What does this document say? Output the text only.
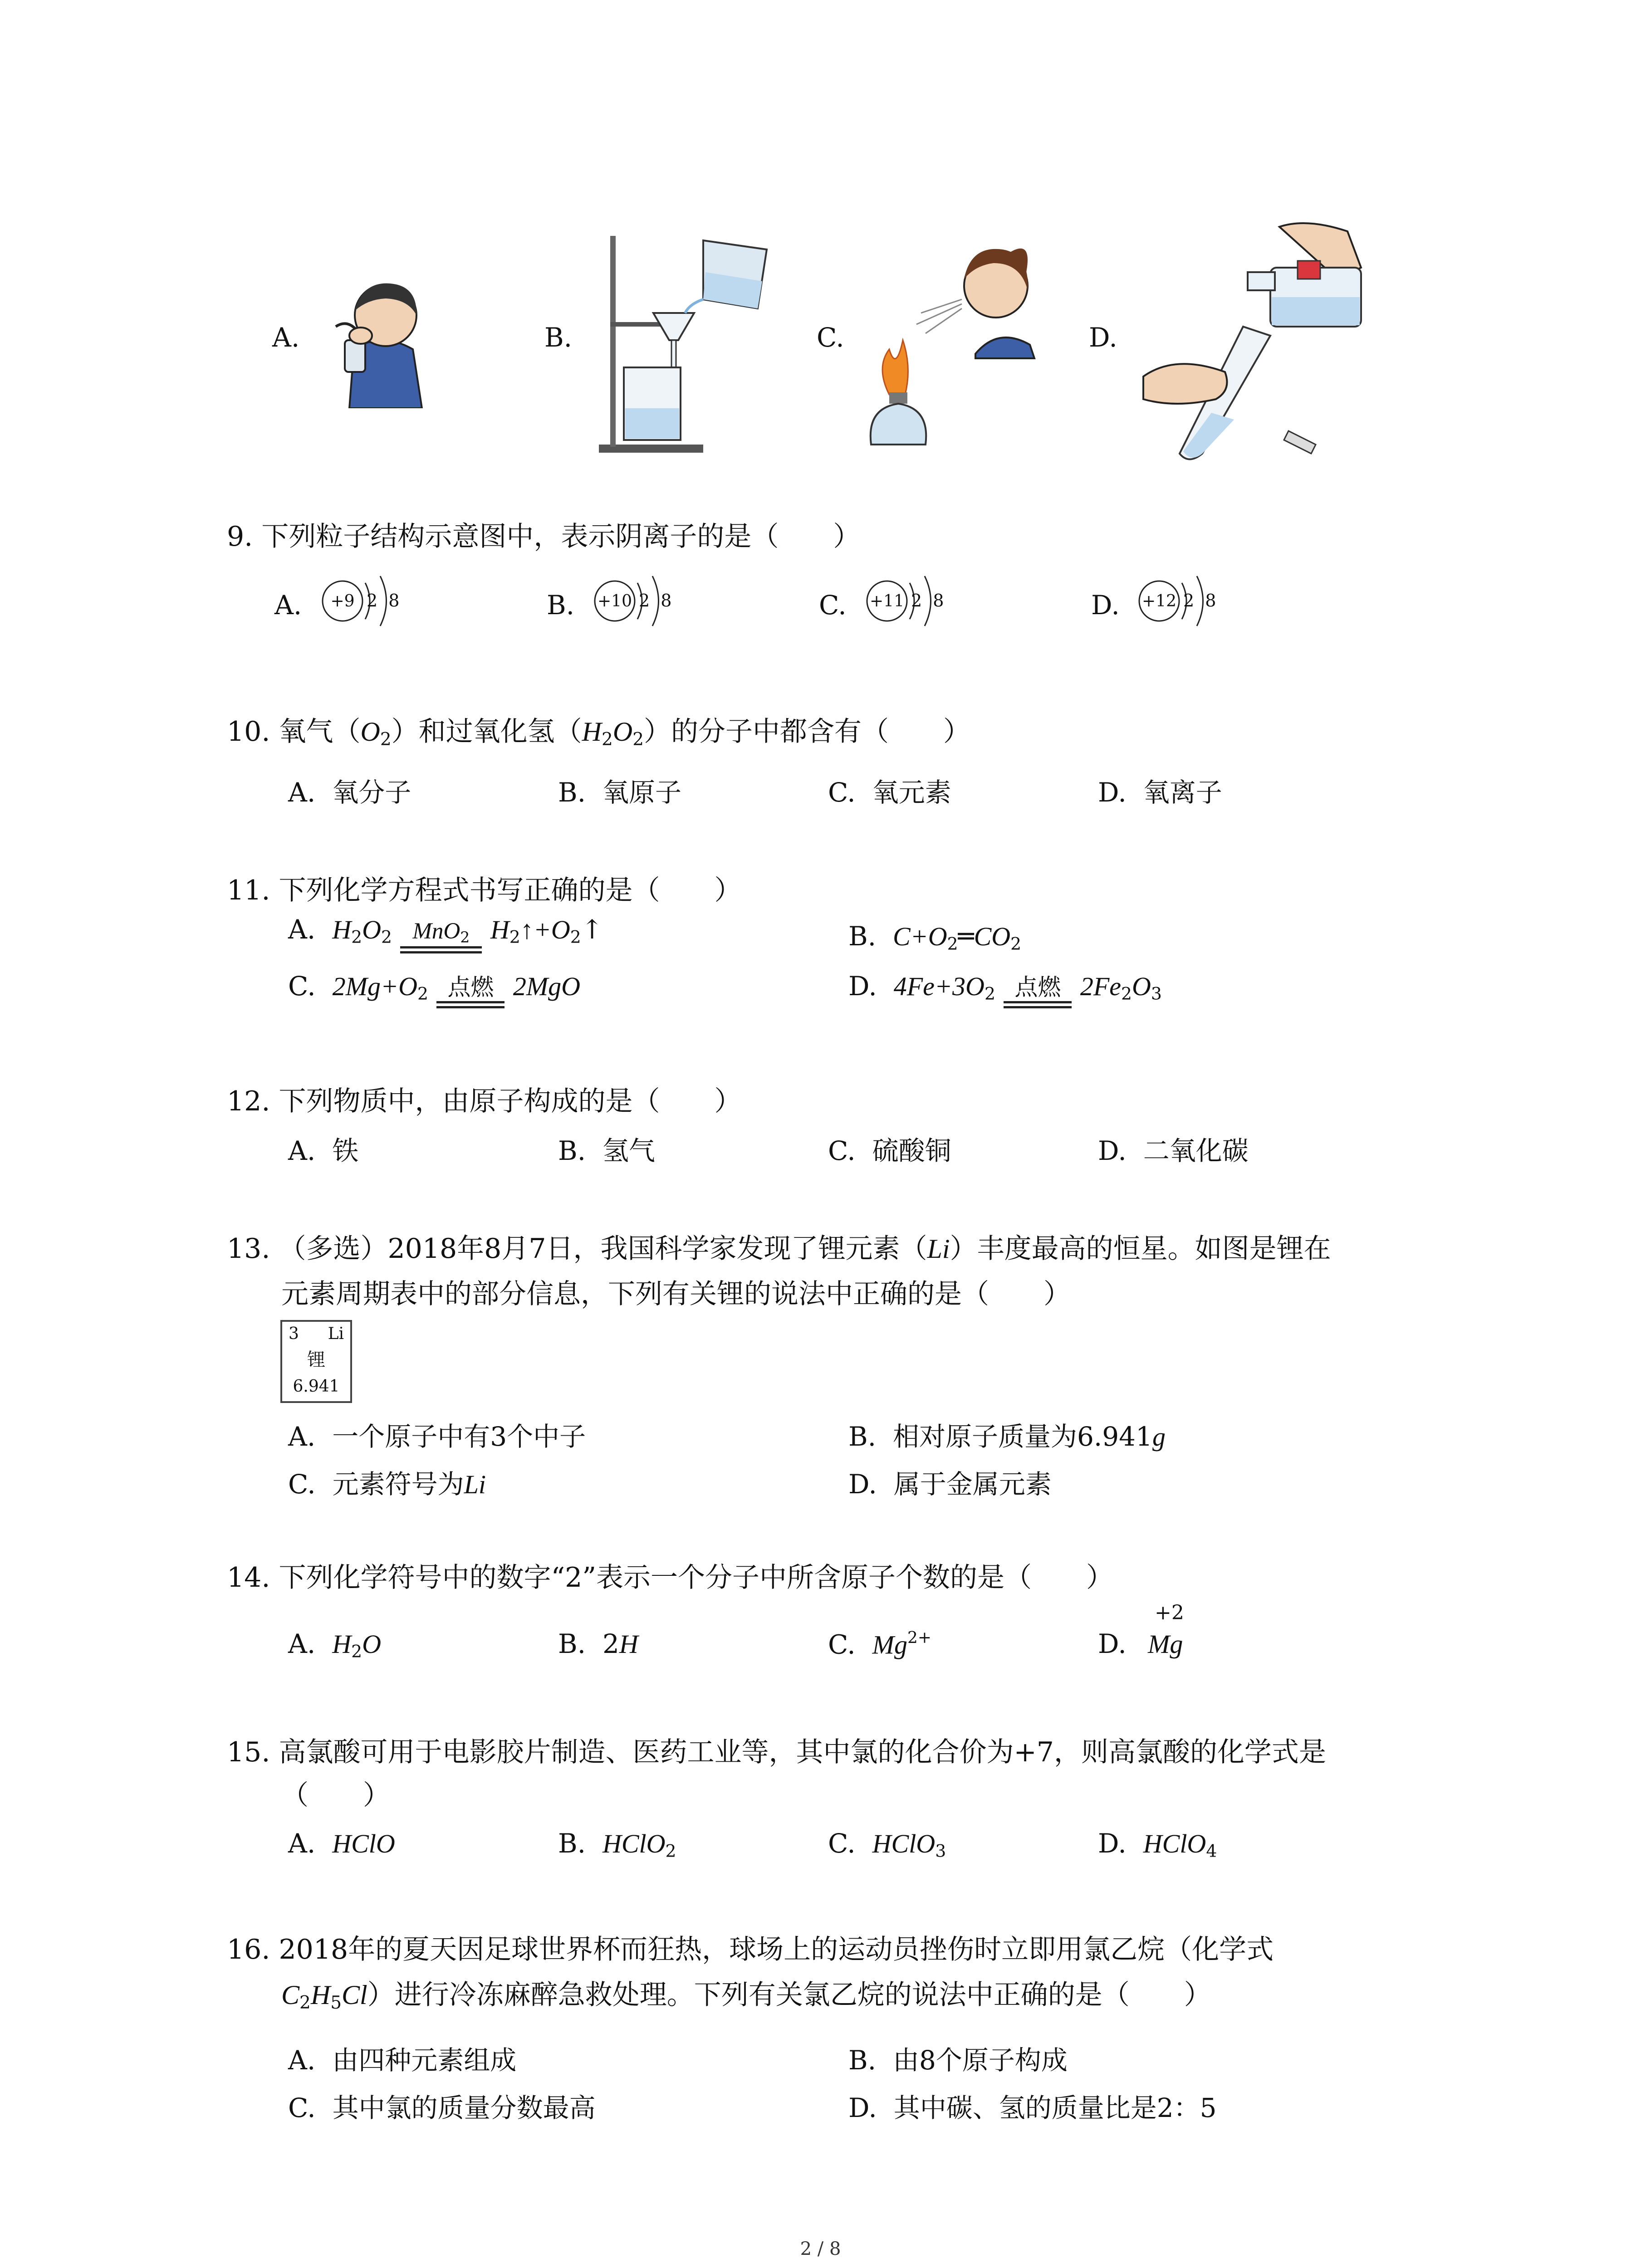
A.	B.	C.	D.
9. 下列粒子结构示意图中，表示阴离子的是（　　）
A.	+9 2 8	B. +10 2 8	C. +11 2 8	D. +12 2 8
10. 氧气$(O_2)$和过氧化氢$(H_2O_2)$的分子中都含有（　　）
A. 氧分子	B. 氧原子	C. 氧元素	D. 氧离子
11. 下列化学方程式书写正确的是（　　）
A. $H_2O_2$ MnO$_2$ $H_2↑+O_2↑$	B. $C+O_2═CO_2$
C. $2Mg+O_2$ 点燃 2MgO	D. $4Fe+3O_2$ 点燃 $2Fe_2O_3$
12. 下列物质中，由原子构成的是（　　）
A. 铁	B. 氢气	C. 硫酸铜	D. 二氧化碳
13. （多选）2018年8月7日，我国科学家发现了锂元素（Li）丰度最高的恒星。如图是锂在
元素周期表中的部分信息，下列有关锂的说法中正确的是（　　）
3 Li
锂
6.941
A. 一个原子中有3个中子	B. 相对原子质量为6.941g
C. 元素符号为Li	D. 属于金属元素
14. 下列化学符号中的数字“2”表示一个分子中所含原子个数的是（　　）
A. $H_2O$	B. 2H	C. $Mg^{2+}$	D.
+2
Mg
15. 高氯酸可用于电影胶片制造、医药工业等，其中氯的化合价为+7，则高氯酸的化学式是
（　　）
A. HClO	B. HClO$_2$	C. HClO$_3$	D. HClO$_4$
16. 2018年的夏天因足球世界杯而狂热，球场上的运动员挫伤时立即用氯乙烷（化学式
$C_2H_5Cl$）进行冷冻麻醉急救处理。下列有关氯乙烷的说法中正确的是（　　）
A. 由四种元素组成	B. 由8个原子构成
C. 其中氯的质量分数最高	D. 其中碳、氢的质量比是2：5
2 / 8
